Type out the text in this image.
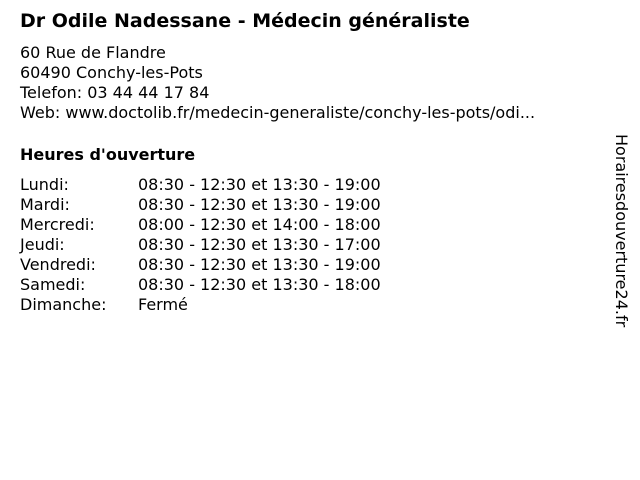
Dr Odile Nadessane - Médecin généraliste
60 Rue de Flandre
60490 Conchy-les-Pots
Telefon: 03 44 44 17 84
Web: www.doctolib.fr/medecin-generaliste/conchy-les-pots/odi...
Heures d'ouverture
Lundi:	08:30 - 12:30 et 13:30 - 19:00
Mardi:	08:30 - 12:30 et 13:30 - 19:00
Mercredi:	08:00 - 12:30 et 14:00 - 18:00
Jeudi:	08:30 - 12:30 et 13:30 - 17:00
Vendredi:	08:30 - 12:30 et 13:30 - 19:00
Samedi:	08:30 - 12:30 et 13:30 - 18:00
Dimanche: Fermé	Horairesdouverture24.fr
